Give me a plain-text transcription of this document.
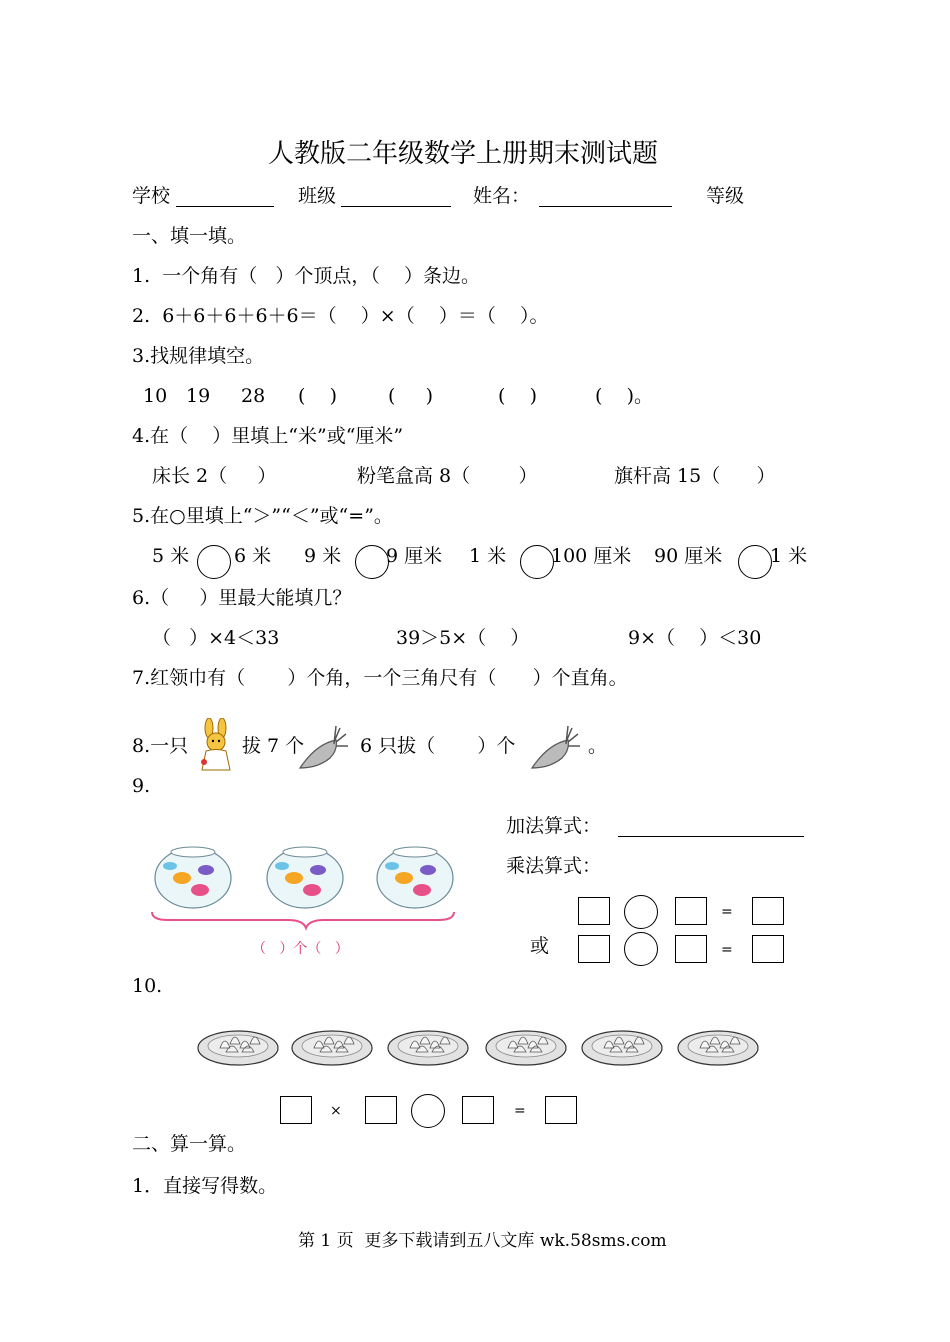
人教版二年级数学上册期末测试题
学校	班级	姓名：	等级
一、填一填。
1.  一个角有（   ）个顶点，（    ）条边。
2.  6＋6＋6＋6＋6＝（    ）×（    ）＝（    ）。
3.找规律填空。
10 19 28 (    )	(     )	(    )	(    )。
4.在（    ）里填上“米”或“厘米”
床长 2（     ）	粉笔盒高 8（        ）	旗杆高 15（      ）
5.在○里填上“＞”“＜”或“=”。
5 米 6 米 9 米 9 厘米 1 米 100 厘米 90 厘米	1 米
6.（     ）里最大能填几？
（   ）×4＜33	39＞5×（    ）	9×（    ）＜30
7.红领巾有（       ）个角，一个三角尺有（      ）个直角。
8.一只	拔 7 个	6 只拔（       ）个	。
9.
加法算式：
乘法算式：
（   ）个（   ）
=
或	=
10.
×	=
二、算一算。
1．直接写得数。
第 1 页  更多下载请到五八文库 wk.58sms.com
